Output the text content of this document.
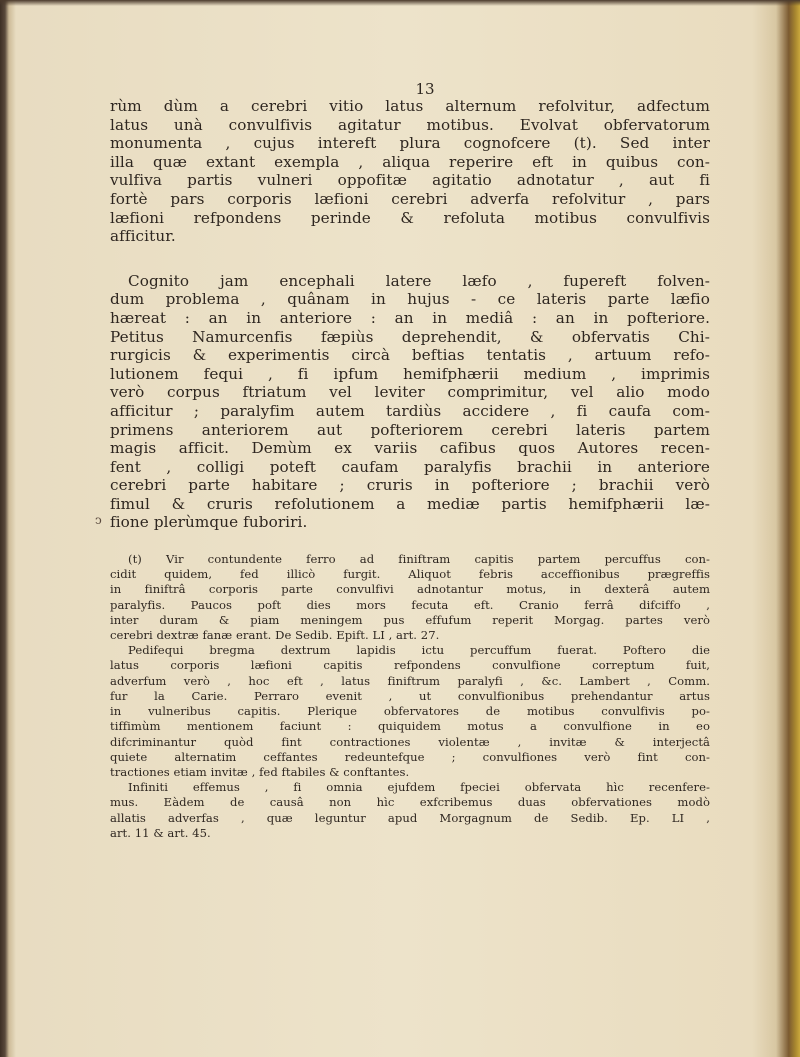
ↄ
13

rùm dùm a cerebri vitio latus alternum refolvitur, adfectum

latus unà convulfivis agitatur motibus. Evolvat obfervatorum

monumenta , cujus intereft plura cognofcere (t). Sed inter

illa quæ extant exempla , aliqua reperire eft in quibus con-

vulfiva partis vulneri oppofitæ agitatio adnotatur , aut fi

fortè pars corporis læfioni cerebri adverfa refolvitur , pars

læfioni refpondens perinde & refoluta motibus convulfivis

afficitur.

Cognito jam encephali latere læfo , fupereft folven-

dum problema , quânam in hujus - ce lateris parte læfio

hæreat : an in anteriore : an in mediâ : an in pofteriore.

Petitus Namurcenfis fæpiùs deprehendit, & obfervatis Chi-

rurgicis & experimentis circà beftias tentatis , artuum refo-

lutionem fequi , fi ipfum hemifphærii medium , imprimis

verò corpus ftriatum vel leviter comprimitur, vel alio modo

afficitur ; paralyfim autem tardiùs accidere , fi caufa com-

primens anteriorem aut pofteriorem cerebri lateris partem

magis afficit. Demùm ex variis cafibus quos Autores recen-

fent , colligi poteft caufam paralyfis brachii in anteriore

cerebri parte habitare ; cruris in pofteriore ; brachii verò

fimul & cruris refolutionem a mediæ partis hemifphærii læ-

fione plerùmque fuboriri.

(t) Vir contundente ferro ad finiftram capitis partem percuffus con-

cidit quidem, fed illicò furgit. Aliquot febris acceffionibus prægreffis

in finiftrâ corporis parte convulfivi adnotantur motus, in dexterâ autem

paralyfis. Paucos poft dies mors fecuta eft. Cranio ferrâ difciffo ,

inter duram & piam meningem pus effufum reperit Morgag. partes verò

cerebri dextræ fanæ erant. De Sedib. Epift. LI , art. 27.

Pedifequi bregma dextrum lapidis ictu percuffum fuerat. Poftero die

latus corporis læfioni capitis refpondens convulfione correptum fuit,

adverfum verò , hoc eft , latus finiftrum paralyfi , &c. Lambert , Comm.

fur la Carie. Perraro evenit , ut convulfionibus prehendantur artus

in vulneribus capitis. Plerique obfervatores de motibus convulfivis po-

tiffimùm mentionem faciunt : quiquidem motus a convulfione in eo

difcriminantur quòd fint contractiones violentæ , invitæ & interjectâ

quiete alternatim ceffantes redeuntefque ; convulfiones verò fint con-

tractiones etiam invitæ , fed ftabiles & conftantes.

Infiniti effemus , fi omnia ejufdem fpeciei obfervata hìc recenfere-

mus. Eàdem de causâ non hìc exfcribemus duas obfervationes modò

allatis adverfas , quæ leguntur apud Morgagnum de Sedib. Ep. LI ,

art. 11 & art. 45.
